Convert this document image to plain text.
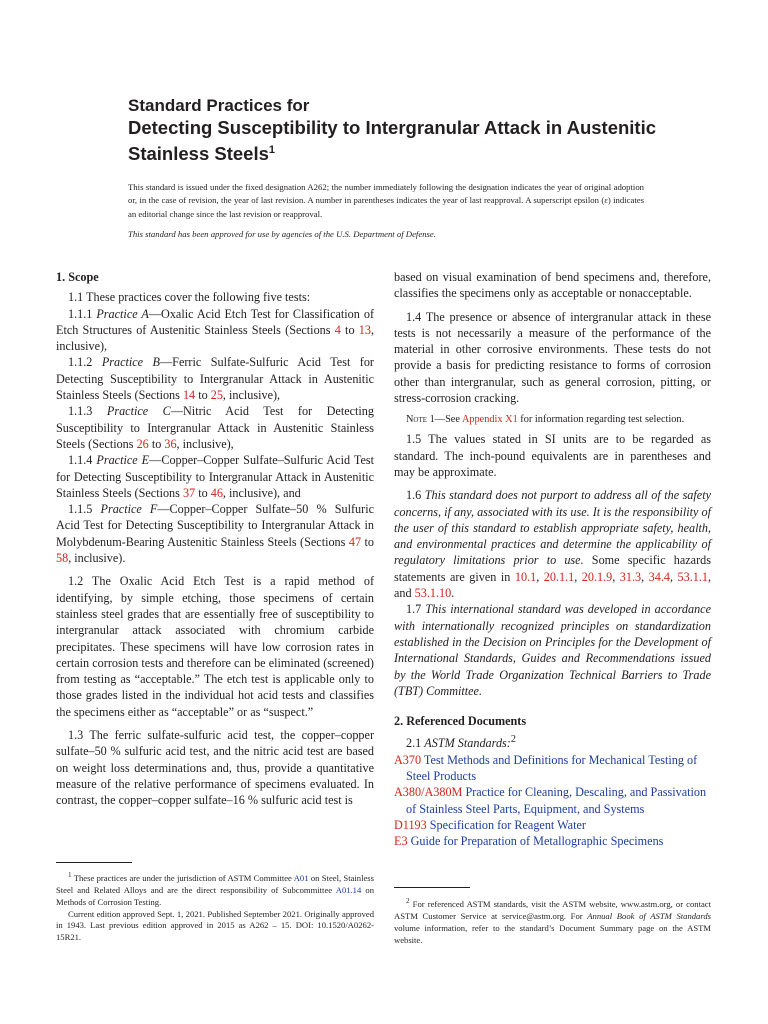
Standard Practices for
Detecting Susceptibility to Intergranular Attack in Austenitic Stainless Steels$^1$

This standard is issued under the fixed designation A262; the number immediately following the designation indicates the year of original adoption or, in the case of revision, the year of last revision. A number in parentheses indicates the year of last reapproval. A superscript epsilon (ε) indicates an editorial change since the last revision or reapproval.

This standard has been approved for use by agencies of the U.S. Department of Defense.

1. Scope

1.1 These practices cover the following five tests:

1.1.1 Practice A—Oxalic Acid Etch Test for Classification of Etch Structures of Austenitic Stainless Steels (Sections 4 to 13, inclusive),

1.1.2 Practice B—Ferric Sulfate-Sulfuric Acid Test for Detecting Susceptibility to Intergranular Attack in Austenitic Stainless Steels (Sections 14 to 25, inclusive),

1.1.3 Practice C—Nitric Acid Test for Detecting Susceptibility to Intergranular Attack in Austenitic Stainless Steels (Sections 26 to 36, inclusive),

1.1.4 Practice E—Copper–Copper Sulfate–Sulfuric Acid Test for Detecting Susceptibility to Intergranular Attack in Austenitic Stainless Steels (Sections 37 to 46, inclusive), and

1.1.5 Practice F—Copper–Copper Sulfate–50 % Sulfuric Acid Test for Detecting Susceptibility to Intergranular Attack in Molybdenum-Bearing Austenitic Stainless Steels (Sections 47 to 58, inclusive).

1.2 The Oxalic Acid Etch Test is a rapid method of identifying, by simple etching, those specimens of certain stainless steel grades that are essentially free of susceptibility to intergranular attack associated with chromium carbide precipitates. These specimens will have low corrosion rates in certain corrosion tests and therefore can be eliminated (screened) from testing as “acceptable.” The etch test is applicable only to those grades listed in the individual hot acid tests and classifies the specimens either as “acceptable” or as “suspect.”

1.3 The ferric sulfate-sulfuric acid test, the copper–copper sulfate–50 % sulfuric acid test, and the nitric acid test are based on weight loss determinations and, thus, provide a quantitative measure of the relative performance of specimens evaluated. In contrast, the copper–copper sulfate–16 % sulfuric acid test is

based on visual examination of bend specimens and, therefore, classifies the specimens only as acceptable or nonacceptable.

1.4 The presence or absence of intergranular attack in these tests is not necessarily a measure of the performance of the material in other corrosive environments. These tests do not provide a basis for predicting resistance to forms of corrosion other than intergranular, such as general corrosion, pitting, or stress-corrosion cracking.

Note 1—See Appendix X1 for information regarding test selection.

1.5 The values stated in SI units are to be regarded as standard. The inch-pound equivalents are in parentheses and may be approximate.

1.6 This standard does not purport to address all of the safety concerns, if any, associated with its use. It is the responsibility of the user of this standard to establish appropriate safety, health, and environmental practices and determine the applicability of regulatory limitations prior to use. Some specific hazards statements are given in 10.1, 20.1.1, 20.1.9, 31.3, 34.4, 53.1.1, and 53.1.10.

1.7 This international standard was developed in accordance with internationally recognized principles on standardization established in the Decision on Principles for the Development of International Standards, Guides and Recommendations issued by the World Trade Organization Technical Barriers to Trade (TBT) Committee.

2. Referenced Documents

2.1 ASTM Standards:$^2$

A370 Test Methods and Definitions for Mechanical Testing of Steel Products

A380/A380M Practice for Cleaning, Descaling, and Passivation of Stainless Steel Parts, Equipment, and Systems

D1193 Specification for Reagent Water

E3 Guide for Preparation of Metallographic Specimens

$^1$ These practices are under the jurisdiction of ASTM Committee A01 on Steel, Stainless Steel and Related Alloys and are the direct responsibility of Subcommittee A01.14 on Methods of Corrosion Testing.

Current edition approved Sept. 1, 2021. Published September 2021. Originally approved in 1943. Last previous edition approved in 2015 as A262 – 15. DOI: 10.1520/A0262-15R21.

$^2$ For referenced ASTM standards, visit the ASTM website, www.astm.org, or contact ASTM Customer Service at service@astm.org. For Annual Book of ASTM Standards volume information, refer to the standard’s Document Summary page on the ASTM website.
